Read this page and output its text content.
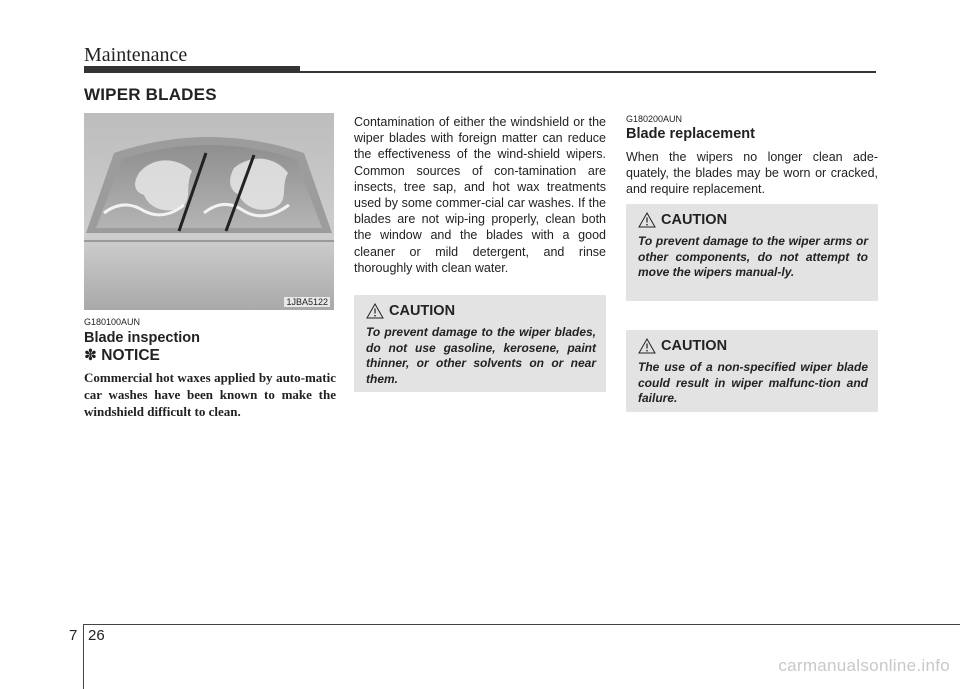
Maintenance
WIPER BLADES
1JBA5122
G180100AUN
Blade inspection
✽ NOTICE
Commercial hot waxes applied by auto-matic car washes have been known to make the windshield difficult to clean.
Contamination of either the windshield or the wiper blades with foreign matter can reduce the effectiveness of the wind-shield wipers. Common sources of con-tamination are insects, tree sap, and hot wax treatments used by some commer-cial car washes. If the blades are not wip-ing properly, clean both the window and the blades with a good cleaner or mild detergent, and rinse thoroughly with clean water.
CAUTION
To prevent damage to the wiper blades, do not use gasoline, kerosene, paint thinner, or other solvents on or near them.
G180200AUN
Blade replacement
When the wipers no longer clean ade-quately, the blades may be worn or cracked, and require replacement.
CAUTION
To prevent damage to the wiper arms or other components, do not attempt to move the wipers manual-ly.
CAUTION
The use of a non-specified wiper blade could result in wiper malfunc-tion and failure.
7 26
carmanualsonline.info
